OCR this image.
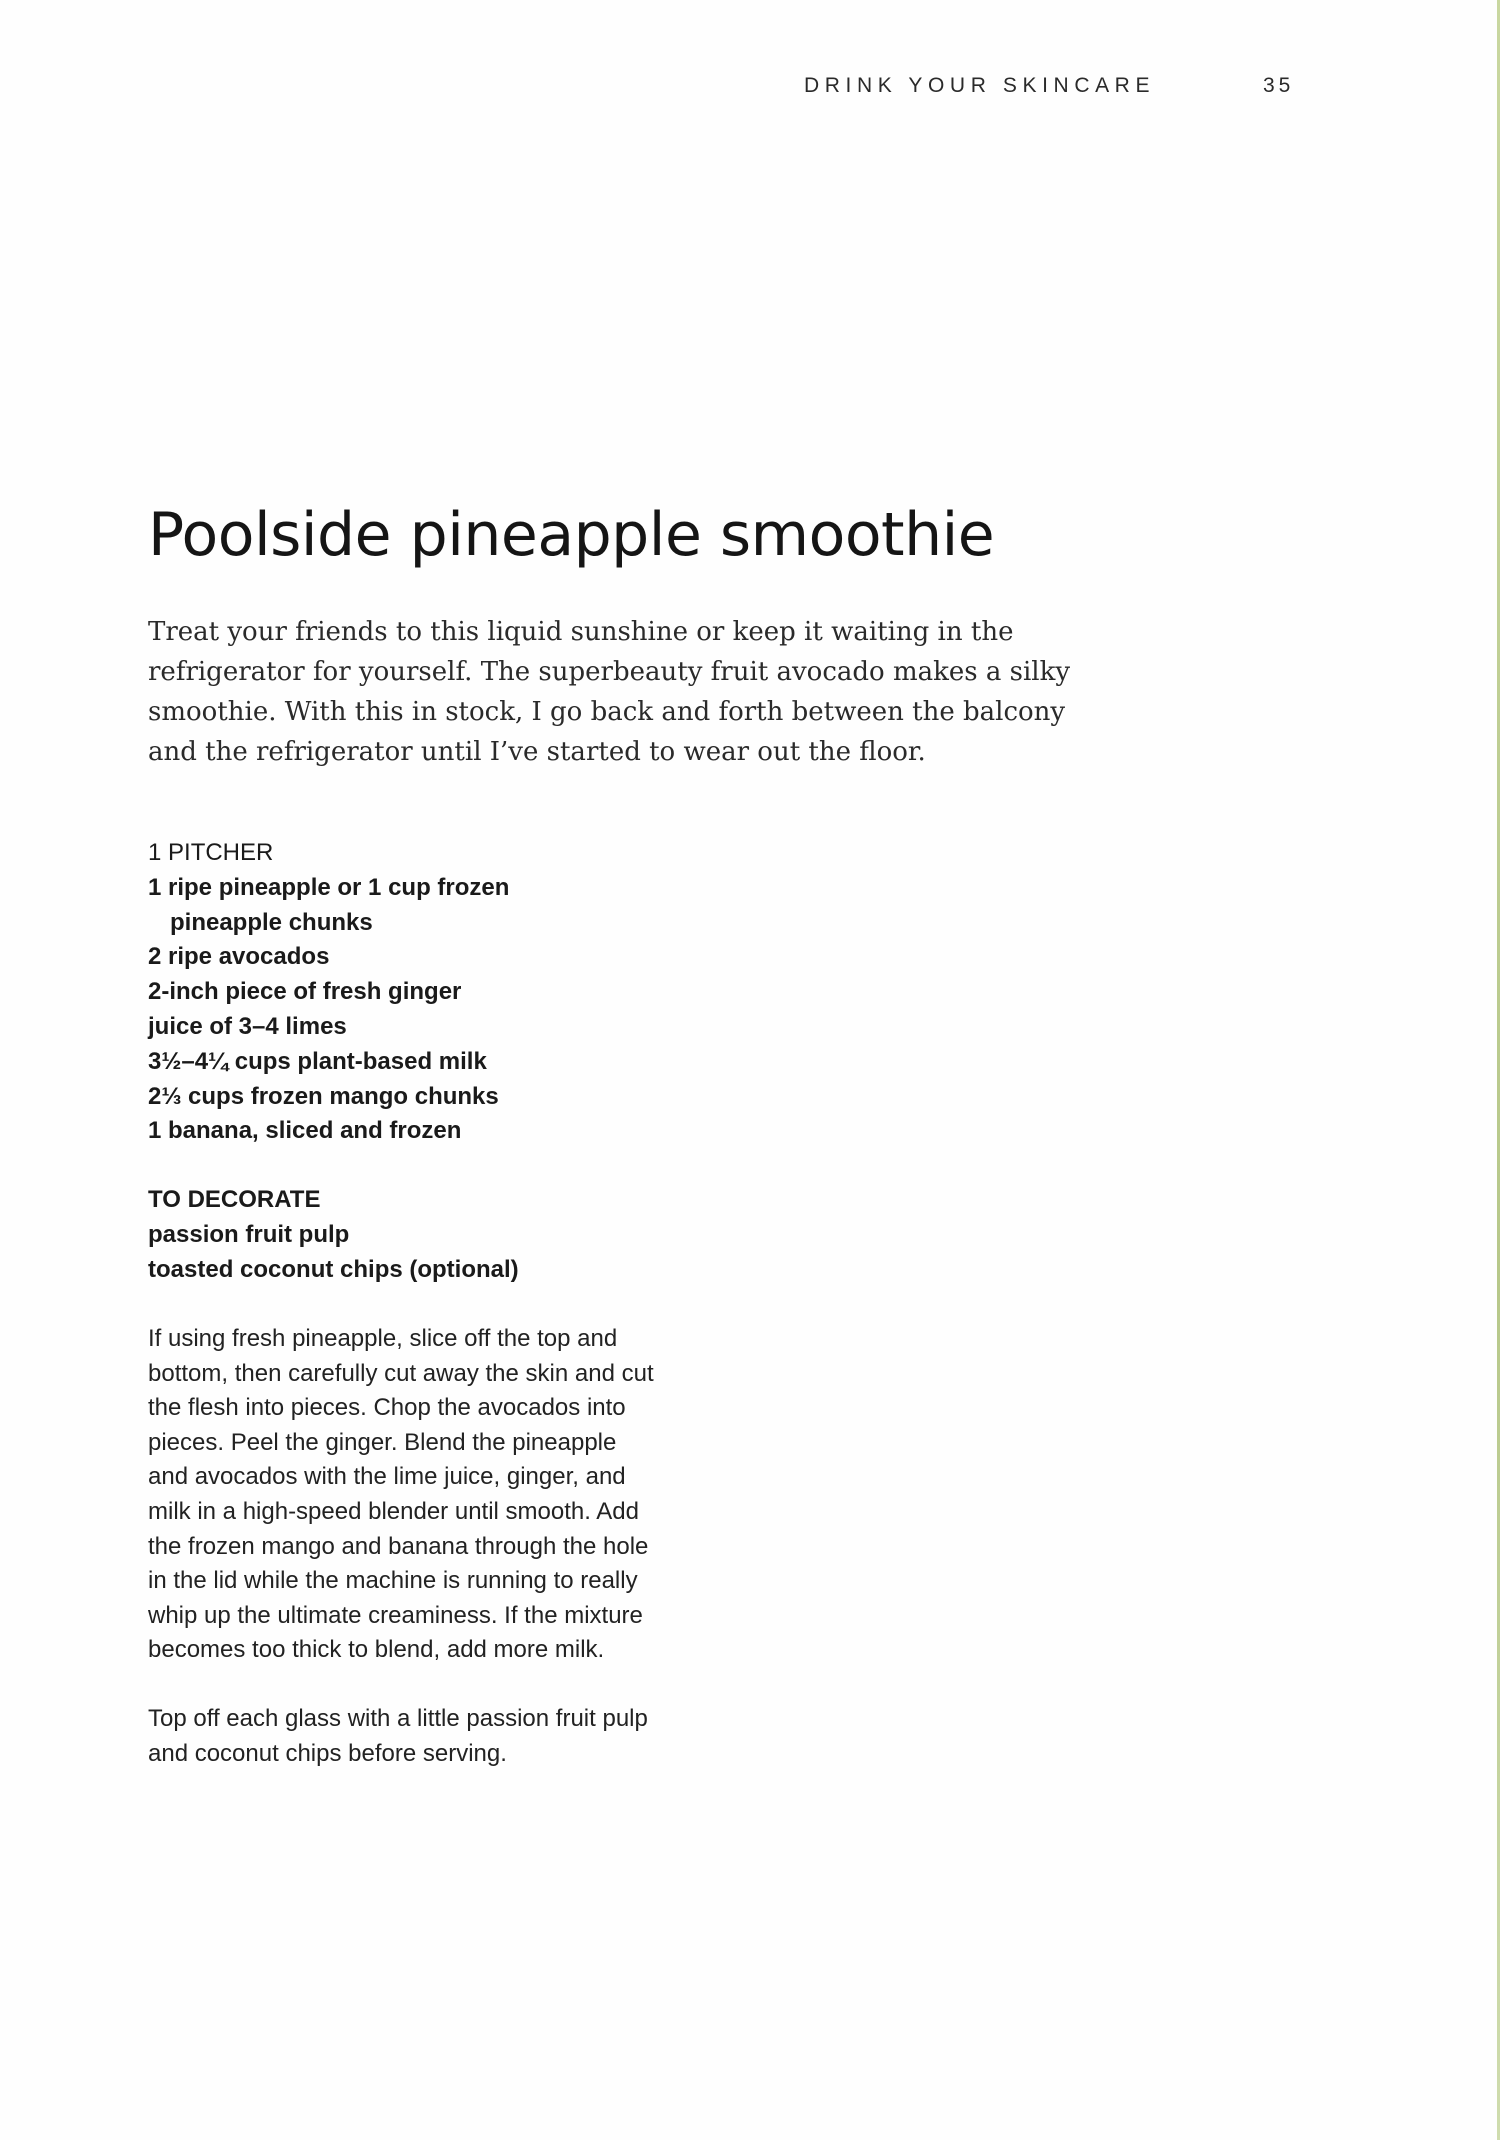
DRINK YOUR SKINCARE	35
Poolside pineapple smoothie

Treat your friends to this liquid sunshine or keep it waiting in the
refrigerator for yourself. The superbeauty fruit avocado makes a silky
smoothie. With this in stock, I go back and forth between the balcony
and the refrigerator until I’ve started to wear out the floor.

1 PITCHER
1 ripe pineapple or 1 cup frozen
pineapple chunks
2 ripe avocados
2-inch piece of fresh ginger
juice of 3–4 limes
3½–4¼ cups plant-based milk
2⅓ cups frozen mango chunks
1 banana, sliced and frozen
TO DECORATE
passion fruit pulp
toasted coconut chips (optional)
If using fresh pineapple, slice off the top and
bottom, then carefully cut away the skin and cut
the flesh into pieces. Chop the avocados into
pieces. Peel the ginger. Blend the pineapple
and avocados with the lime juice, ginger, and
milk in a high-speed blender until smooth. Add
the frozen mango and banana through the hole
in the lid while the machine is running to really
whip up the ultimate creaminess. If the mixture
becomes too thick to blend, add more milk.
Top off each glass with a little passion fruit pulp
and coconut chips before serving.
